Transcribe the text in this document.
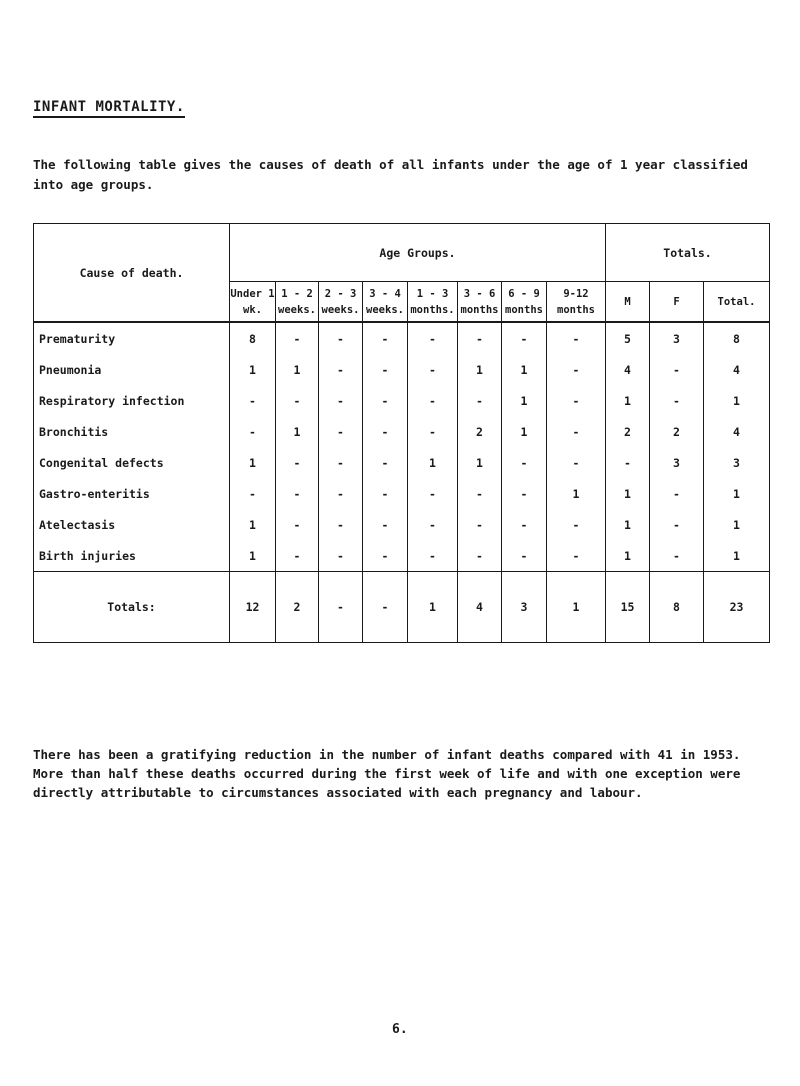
INFANT MORTALITY.
The following table gives the causes of death of all infants under the age of 1 year classified into age groups.
Cause of death.	Age Groups.								Totals.		
	Under 1 wk.	1 - 2 weeks.	2 - 3 weeks.	3 - 4 weeks.	1 - 3 months.	3 - 6 months	6 - 9 months	9-12 months	M	F	Total.
Prematurity	8	-	-	-	-	-	-	-	5	3	8
Pneumonia	1	1	-	-	-	1	1	-	4	-	4
Respiratory infection	-	-	-	-	-	-	1	-	1	-	1
Bronchitis	-	1	-	-	-	2	1	-	2	2	4
Congenital defects	1	-	-	-	1	1	-	-	-	3	3
Gastro-enteritis	-	-	-	-	-	-	-	1	1	-	1
Atelectasis	1	-	-	-	-	-	-	-	1	-	1
Birth injuries	1	-	-	-	-	-	-	-	1	-	1
Totals:	12	2	-	-	1	4	3	1	15	8	23
There has been a gratifying reduction in the number of infant deaths compared with 41 in 1953. More than half these deaths occurred during the first week of life and with one exception were directly attributable to circumstances associated with each pregnancy and labour.
6.
